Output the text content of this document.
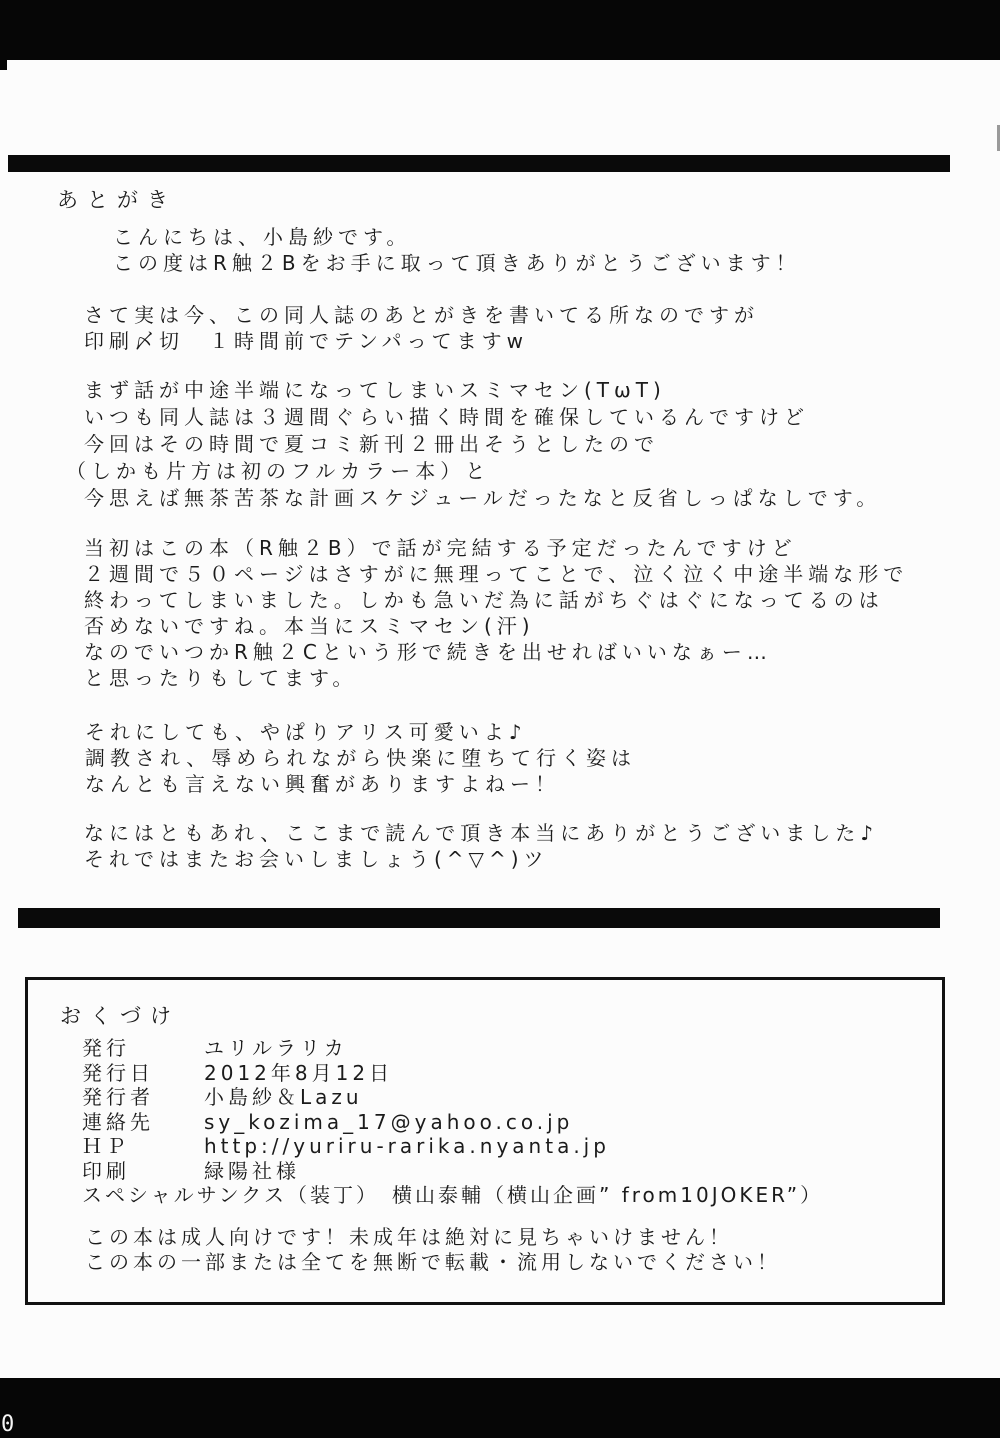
あとがき
こんにちは、小島紗です。
この度はR触２Bをお手に取って頂きありがとうございます！
さて実は今、この同人誌のあとがきを書いてる所なのですが
印刷〆切　１時間前でテンパってますw
まず話が中途半端になってしまいスミマセン(TωT)
いつも同人誌は３週間ぐらい描く時間を確保しているんですけど
今回はその時間で夏コミ新刊２冊出そうとしたので
（しかも片方は初のフルカラー本）と
今思えば無茶苦茶な計画スケジュールだったなと反省しっぱなしです。
当初はこの本（R触２B）で話が完結する予定だったんですけど
２週間で５０ページはさすがに無理ってことで、泣く泣く中途半端な形で
終わってしまいました。しかも急いだ為に話がちぐはぐになってるのは
否めないですね。本当にスミマセン(汗)
なのでいつかR触２Cという形で続きを出せればいいなぁー…
と思ったりもしてます。
それにしても、やぱりアリス可愛いよ♪
調教され、辱められながら快楽に堕ちて行く姿は
なんとも言えない興奮がありますよねー！
なにはともあれ、ここまで読んで頂き本当にありがとうございました♪
それではまたお会いしましょう(^▽^)ツ
おくづけ
発行	ユリルラリカ
発行日	2012年8月12日
発行者	小島紗＆Lazu
連絡先	sy_kozima_17@yahoo.co.jp
ＨＰ	http://yuriru-rarika.nyanta.jp
印刷	緑陽社様
スペシャルサンクス（装丁）　横山泰輔（横山企画” from10JOKER”）
この本は成人向けです！未成年は絶対に見ちゃいけません！
この本の一部または全てを無断で転載・流用しないでください！
0
